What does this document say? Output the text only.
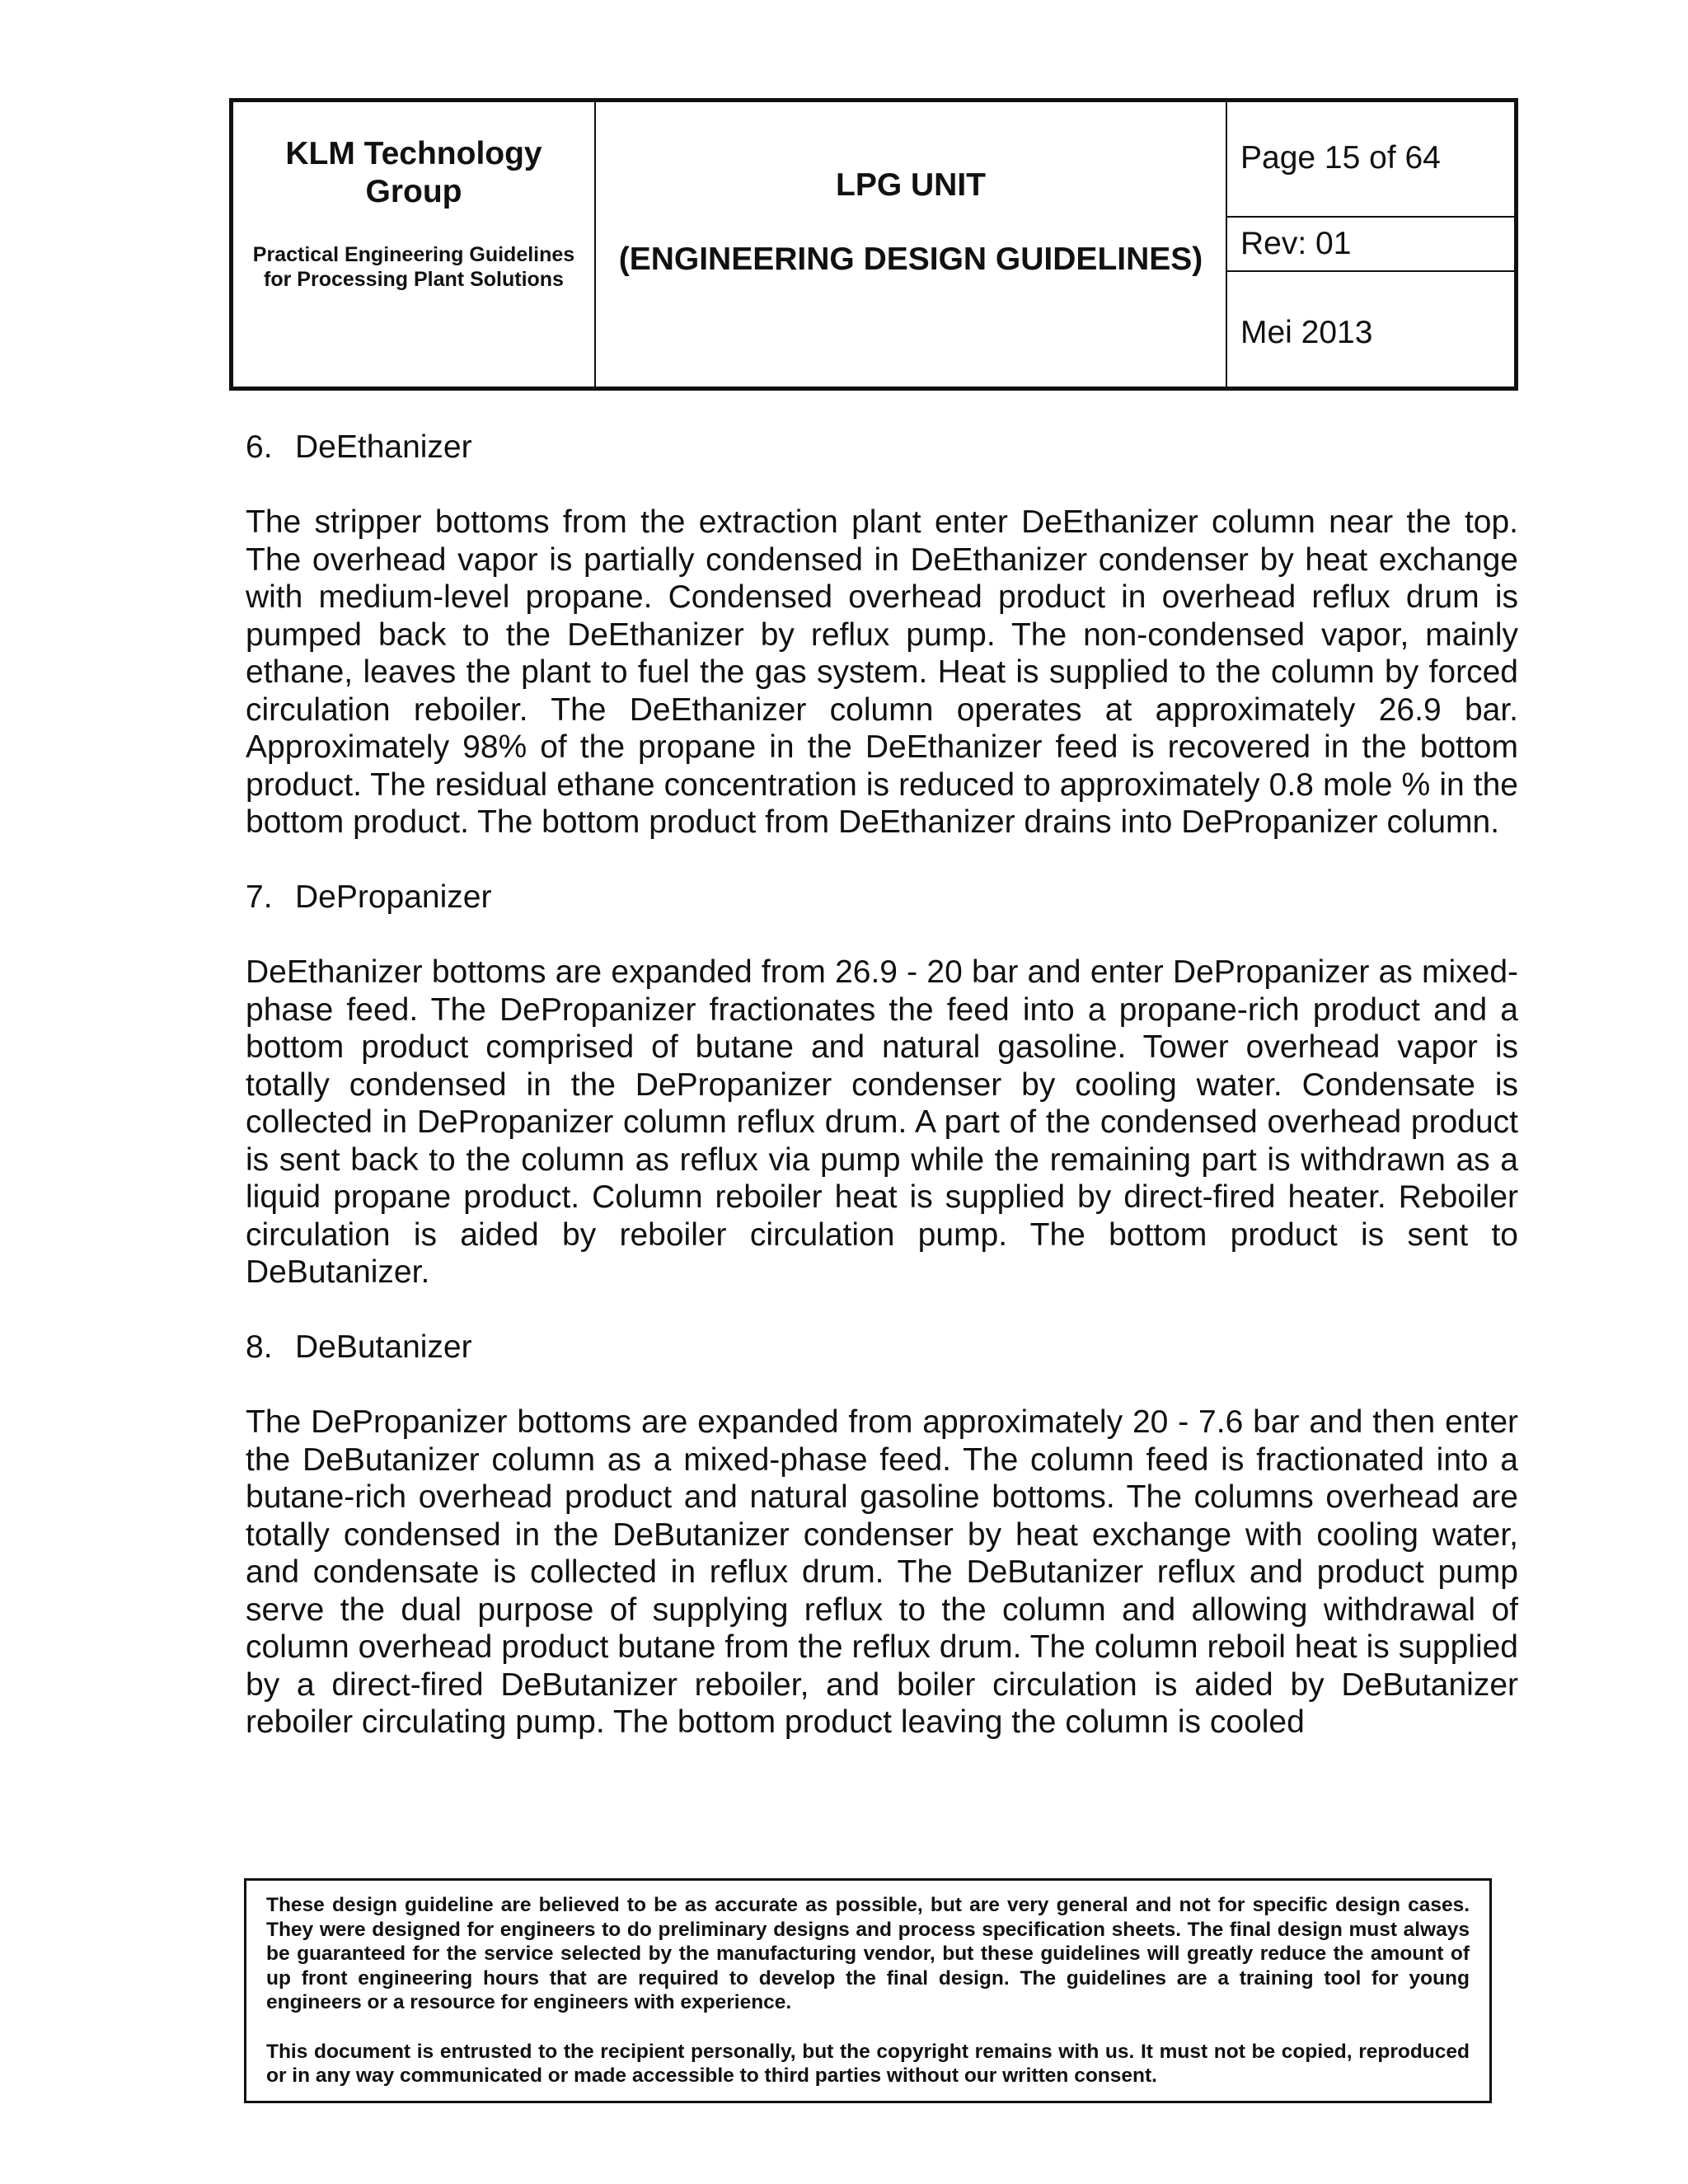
KLM Technology Group
Practical Engineering Guidelines for Processing Plant Solutions
LPG UNIT
(ENGINEERING DESIGN GUIDELINES)
Page 15 of 64
Rev: 01
Mei 2013
6. DeEthanizer

The stripper bottoms from the extraction plant enter DeEthanizer column near the top. The overhead vapor is partially condensed in DeEthanizer condenser by heat exchange with medium-level propane. Condensed overhead product in overhead reflux drum is pumped back to the DeEthanizer by reflux pump. The non-condensed vapor, mainly ethane, leaves the plant to fuel the gas system. Heat is supplied to the column by forced circulation reboiler. The DeEthanizer column operates at approximately 26.9 bar. Approximately 98% of the propane in the DeEthanizer feed is recovered in the bottom product. The residual ethane concentration is reduced to approximately 0.8 mole % in the bottom product. The bottom product from DeEthanizer drains into DePropanizer column.

7. DePropanizer

DeEthanizer bottoms are expanded from 26.9 - 20 bar and enter DePropanizer as mixed-phase feed. The DePropanizer fractionates the feed into a propane-rich product and a bottom product comprised of butane and natural gasoline. Tower overhead vapor is totally condensed in the DePropanizer condenser by cooling water. Condensate is collected in DePropanizer column reflux drum. A part of the condensed overhead product is sent back to the column as reflux via pump while the remaining part is withdrawn as a liquid propane product. Column reboiler heat is supplied by direct-fired heater. Reboiler circulation is aided by reboiler circulation pump. The bottom product is sent to DeButanizer.

8. DeButanizer

The DePropanizer bottoms are expanded from approximately 20 - 7.6 bar and then enter the DeButanizer column as a mixed-phase feed. The column feed is fractionated into a butane-rich overhead product and natural gasoline bottoms. The columns overhead are totally condensed in the DeButanizer condenser by heat exchange with cooling water, and condensate is collected in reflux drum. The DeButanizer reflux and product pump serve the dual purpose of supplying reflux to the column and allowing withdrawal of column overhead product butane from the reflux drum. The column reboil heat is supplied by a direct-fired DeButanizer reboiler, and boiler circulation is aided by DeButanizer reboiler circulating pump. The bottom product leaving the column is cooled

These design guideline are believed to be as accurate as possible, but are very general and not for specific design cases. They were designed for engineers to do preliminary designs and process specification sheets. The final design must always be guaranteed for the service selected by the manufacturing vendor, but these guidelines will greatly reduce the amount of up front engineering hours that are required to develop the final design. The guidelines are a training tool for young engineers or a resource for engineers with experience.

This document is entrusted to the recipient personally, but the copyright remains with us. It must not be copied, reproduced or in any way communicated or made accessible to third parties without our written consent.
